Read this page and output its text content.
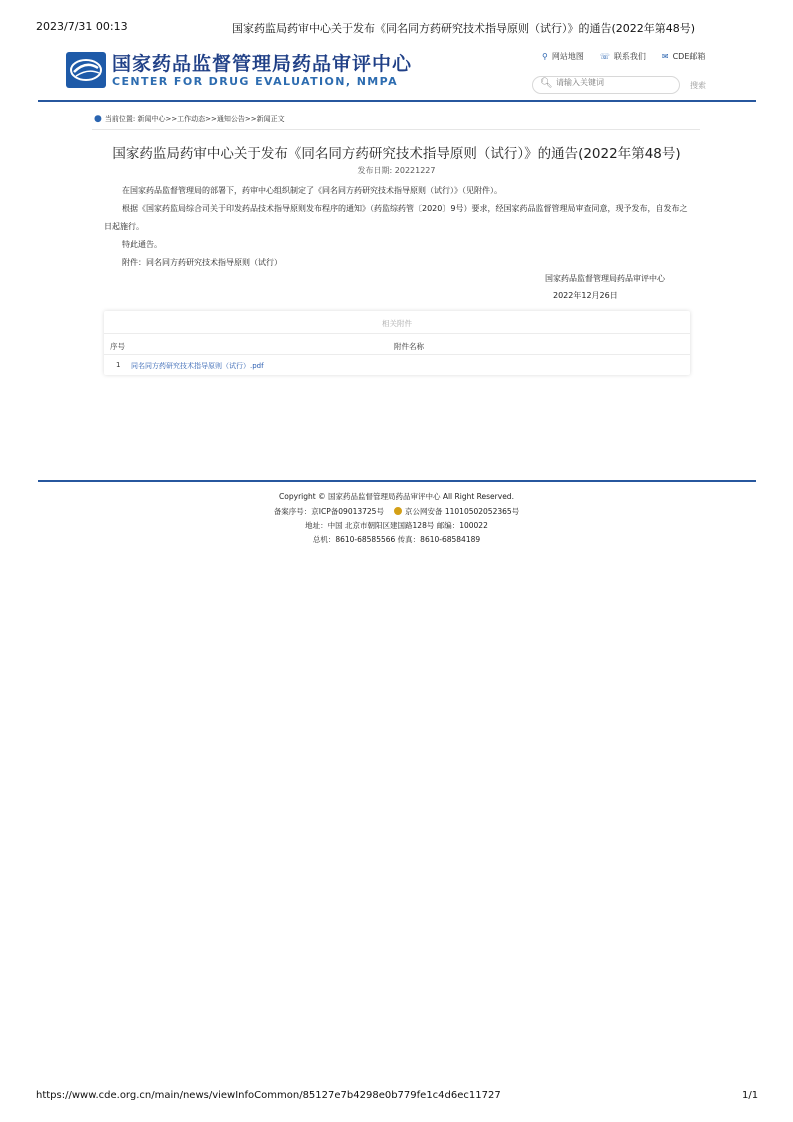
2023/7/31 00:13	国家药监局药审中心关于发布《同名同方药研究技术指导原则（试行）》的通告(2022年第48号)
国家药品监督管理局药品审评中心
CENTER FOR DRUG EVALUATION, NMPA
⚲ 网站地图 ☏ 联系我们 ✉ CDE邮箱
🔍︎
请输入关键词	搜索
● 当前位置: 新闻中心>>工作动态>>通知公告>>新闻正文
国家药监局药审中心关于发布《同名同方药研究技术指导原则（试行）》的通告(2022年第48号)
发布日期: 20221227
在国家药品监督管理局的部署下，药审中心组织制定了《同名同方药研究技术指导原则（试行）》（见附件）。
根据《国家药监局综合司关于印发药品技术指导原则发布程序的通知》（药监综药管〔2020〕9号）要求，经国家药品监督管理局审查同意，现予发布，自发布之日起施行。
特此通告。
附件：同名同方药研究技术指导原则（试行）
国家药品监督管理局药品审评中心
2022年12月26日
相关附件
序号	附件名称
1 同名同方药研究技术指导原则（试行）.pdf
Copyright © 国家药品监督管理局药品审评中心 All Right Reserved.
备案序号：京ICP备09013725号	京公网安备 11010502052365号
地址：中国 北京市朝阳区建国路128号 邮编：100022
总机：8610-68585566 传真：8610-68584189
https://www.cde.org.cn/main/news/viewInfoCommon/85127e7b4298e0b779fe1c4d6ec11727	1/1
